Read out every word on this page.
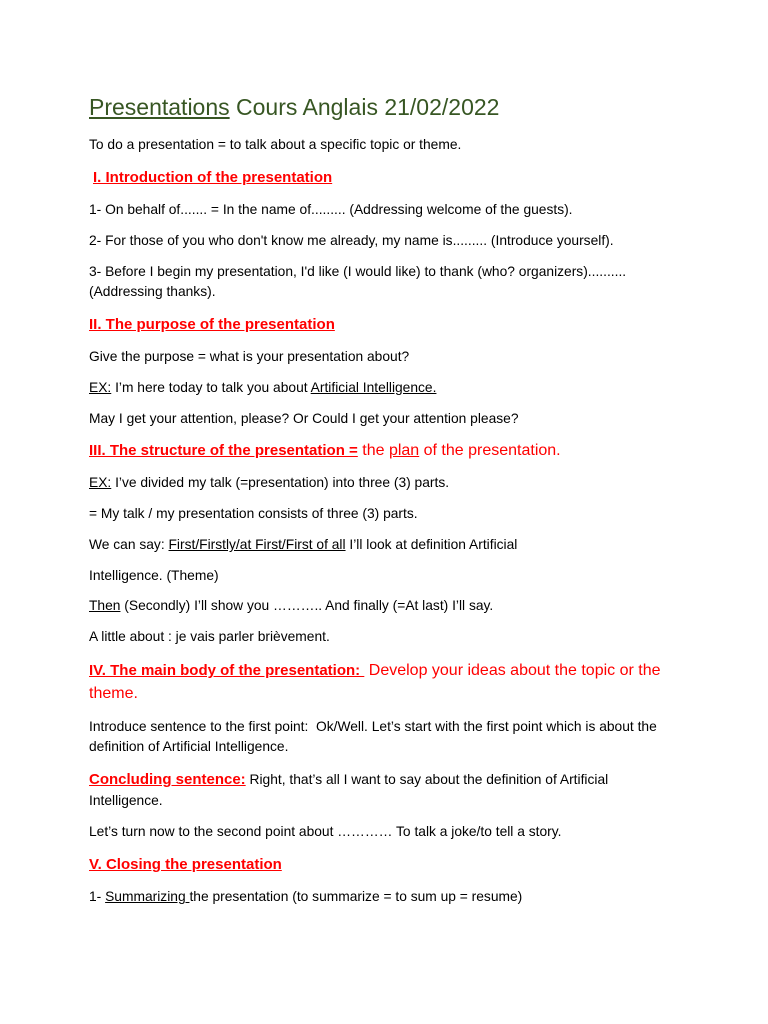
Presentations Cours Anglais 21/02/2022
To do a presentation = to talk about a specific topic or theme.
I. Introduction of the presentation
1- On behalf of....... = In the name of......... (Addressing welcome of the guests).
2- For those of you who don't know me already, my name is......... (Introduce yourself).
3- Before I begin my presentation, I'd like (I would like) to thank (who? organizers)..........
(Addressing thanks).
II. The purpose of the presentation
Give the purpose = what is your presentation about?
EX: I’m here today to talk you about Artificial Intelligence.
May I get your attention, please? Or Could I get your attention please?
III. The structure of the presentation = the plan of the presentation.
EX: I’ve divided my talk (=presentation) into three (3) parts.
= My talk / my presentation consists of three (3) parts.
We can say: First/Firstly/at First/First of all I’ll look at definition Artificial
Intelligence. (Theme)
Then (Secondly) I’ll show you ……….. And finally (=At last) I’ll say.
A little about : je vais parler brièvement.
IV. The main body of the presentation:  Develop your ideas about the topic or the
theme.
Introduce sentence to the first point:  Ok/Well. Let’s start with the first point which is about the
definition of Artificial Intelligence.
Concluding sentence: Right, that’s all I want to say about the definition of Artificial
Intelligence.
Let’s turn now to the second point about ………… To talk a joke/to tell a story.
V. Closing the presentation
1- Summarizing the presentation (to summarize = to sum up = resume)
